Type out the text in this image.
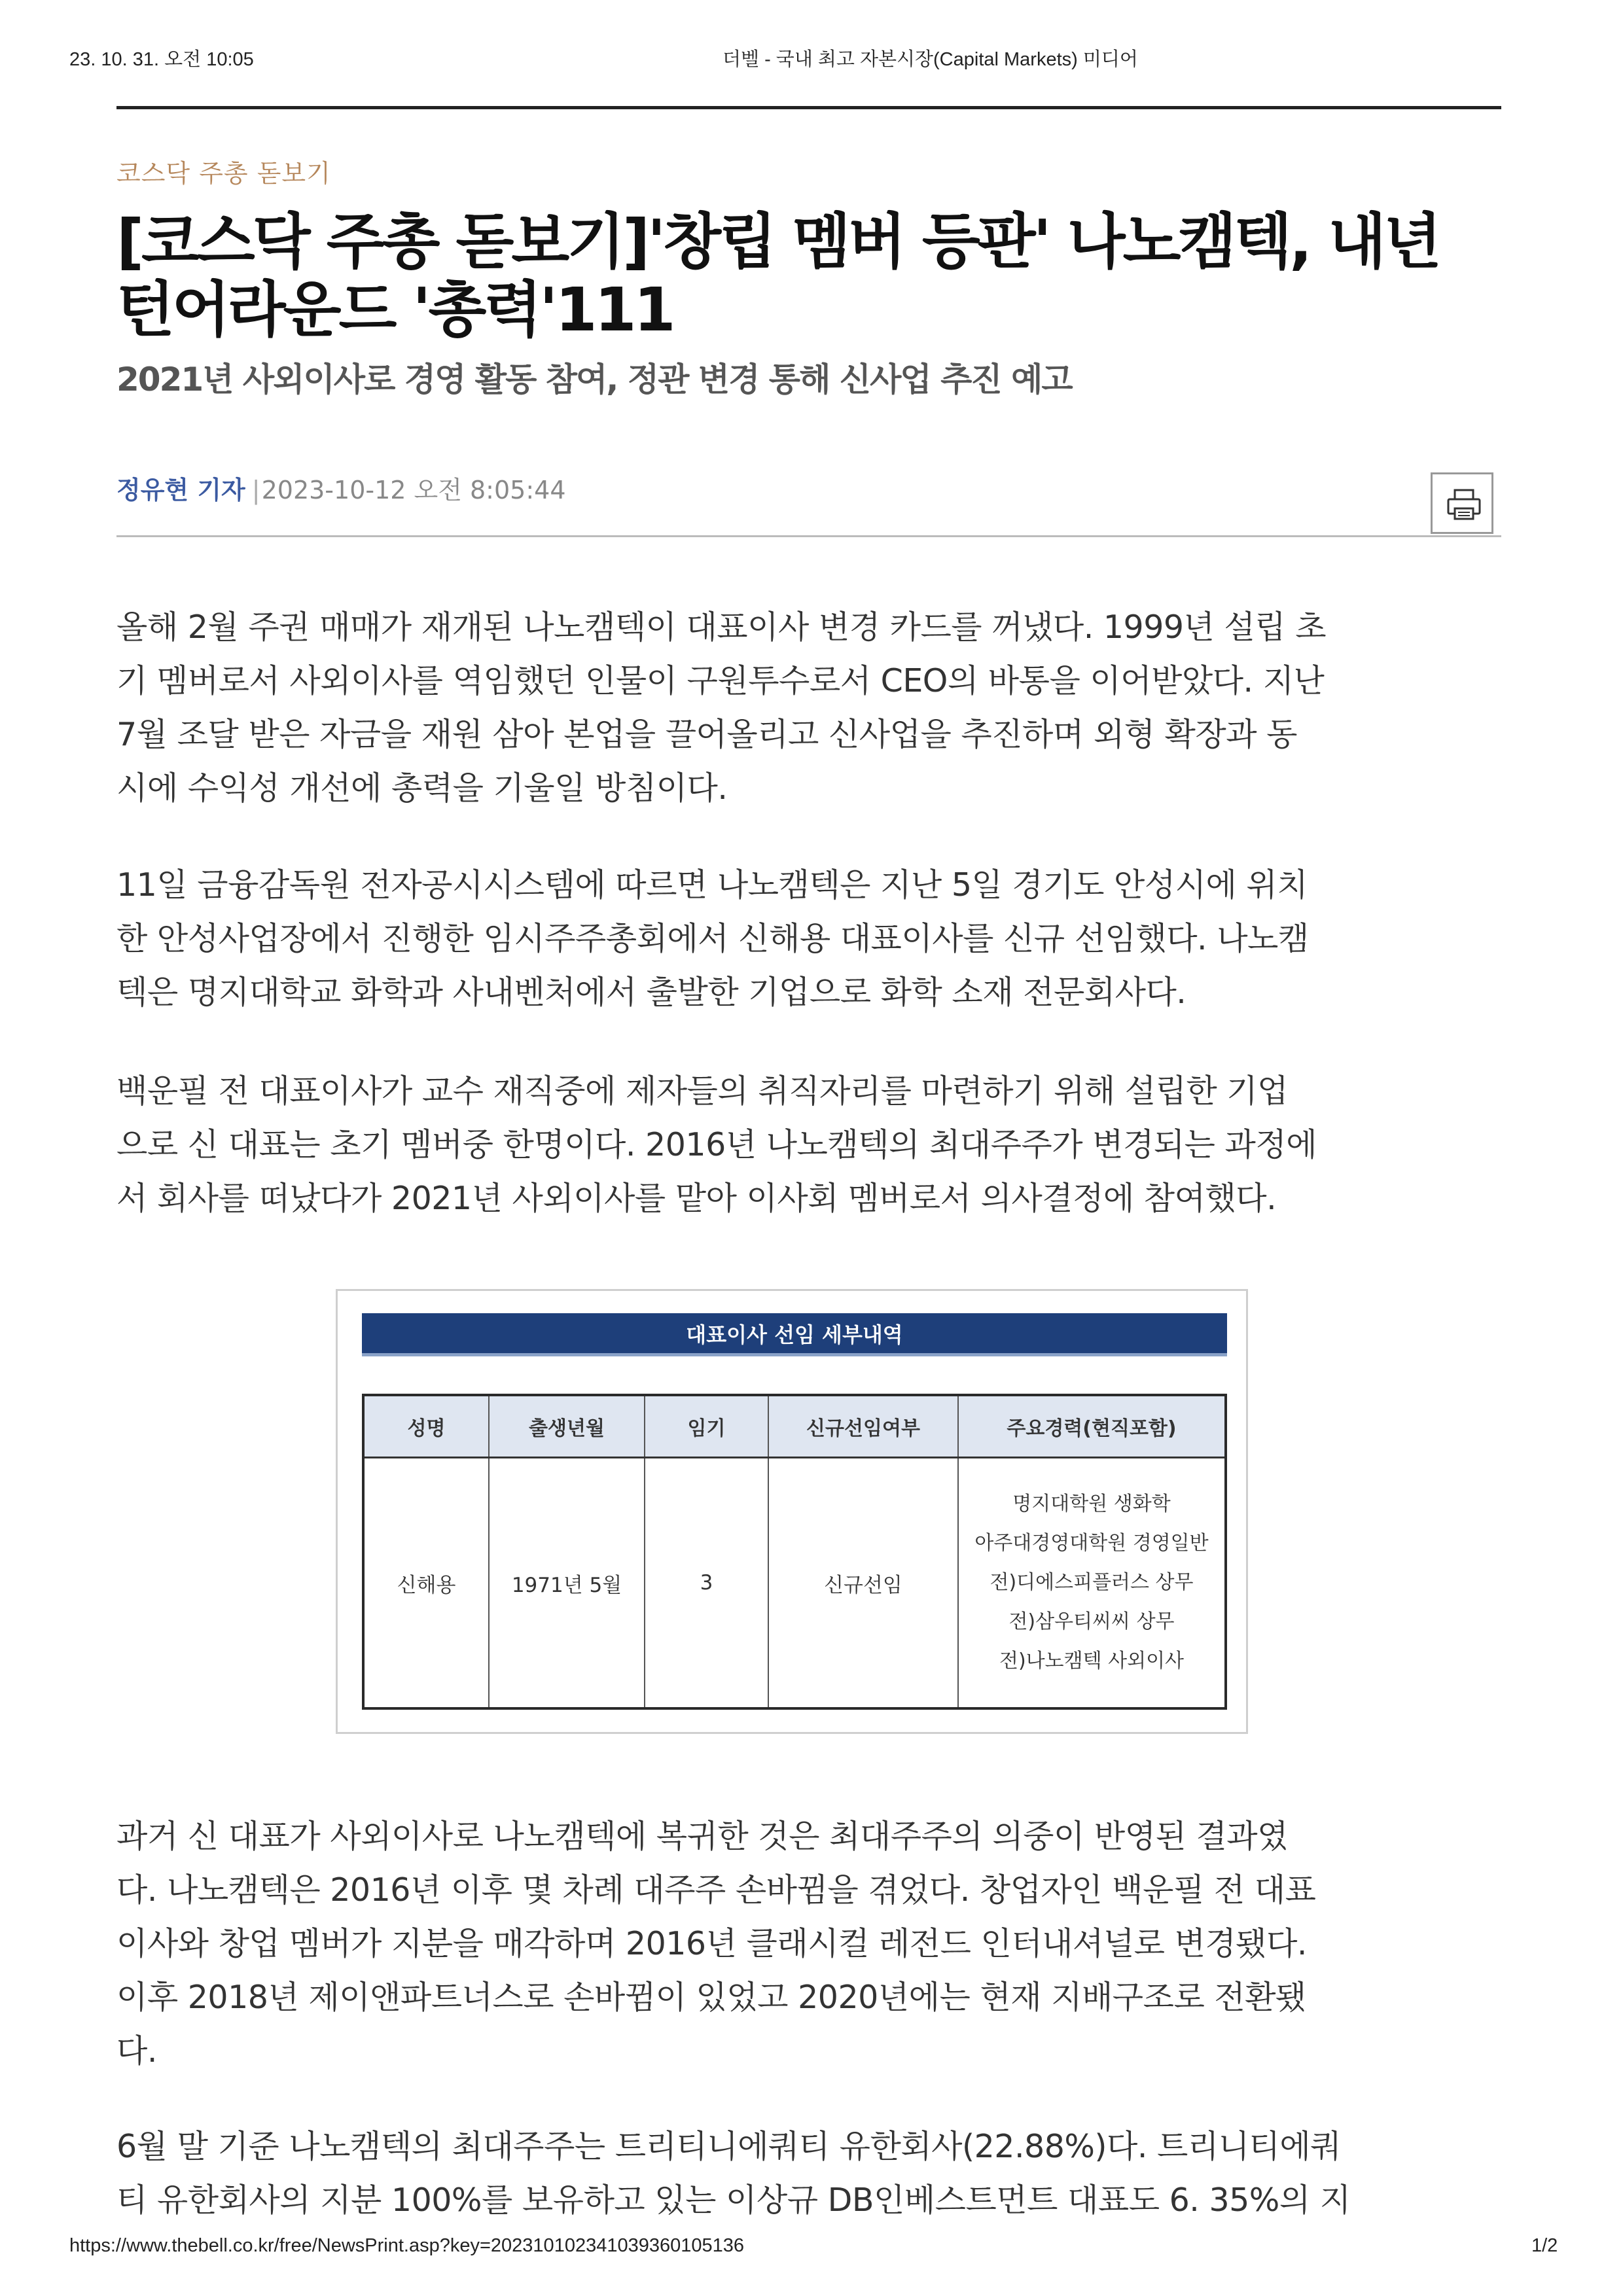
23. 10. 31. 오전 10:05	더벨 - 국내 최고 자본시장(Capital Markets) 미디어
코스닥 주총 돋보기
[코스닥 주총 돋보기]'창립 멤버 등판' 나노캠텍, 내년
턴어라운드 '총력'111
2021년 사외이사로 경영 활동 참여, 정관 변경 통해 신사업 추진 예고
정유현 기자 |2023-10-12 오전 8:05:44
올해 2월 주권 매매가 재개된 나노캠텍이 대표이사 변경 카드를 꺼냈다. 1999년 설립 초
기 멤버로서 사외이사를 역임했던 인물이 구원투수로서 CEO의 바통을 이어받았다. 지난
7월 조달 받은 자금을 재원 삼아 본업을 끌어올리고 신사업을 추진하며 외형 확장과 동
시에 수익성 개선에 총력을 기울일 방침이다.
11일 금융감독원 전자공시시스템에 따르면 나노캠텍은 지난 5일 경기도 안성시에 위치
한 안성사업장에서 진행한 임시주주총회에서 신해용 대표이사를 신규 선임했다. 나노캠
텍은 명지대학교 화학과 사내벤처에서 출발한 기업으로 화학 소재 전문회사다.
백운필 전 대표이사가 교수 재직중에 제자들의 취직자리를 마련하기 위해 설립한 기업
으로 신 대표는 초기 멤버중 한명이다. 2016년 나노캠텍의 최대주주가 변경되는 과정에
서 회사를 떠났다가 2021년 사외이사를 맡아 이사회 멤버로서 의사결정에 참여했다.
대표이사 선임 세부내역
성명	출생년월	임기	신규선임여부	주요경력(현직포함)
신해용	1971년 5월	3	신규선임	명지대학원 생화학
아주대경영대학원 경영일반
전)디에스피플러스 상무
전)삼우티씨씨 상무
전)나노캠텍 사외이사
과거 신 대표가 사외이사로 나노캠텍에 복귀한 것은 최대주주의 의중이 반영된 결과였
다. 나노캠텍은 2016년 이후 몇 차례 대주주 손바뀜을 겪었다. 창업자인 백운필 전 대표
이사와 창업 멤버가 지분을 매각하며 2016년 클래시컬 레전드 인터내셔널로 변경됐다.
이후 2018년 제이앤파트너스로 손바뀜이 있었고 2020년에는 현재 지배구조로 전환됐
다.
6월 말 기준 나노캠텍의 최대주주는 트리티니에쿼티 유한회사(22.88%)다. 트리니티에쿼
티 유한회사의 지분 100%를 보유하고 있는 이상규 DB인베스트먼트 대표도 6. 35%의 지
https://www.thebell.co.kr/free/NewsPrint.asp?key=202310102341039360105136	1/2
